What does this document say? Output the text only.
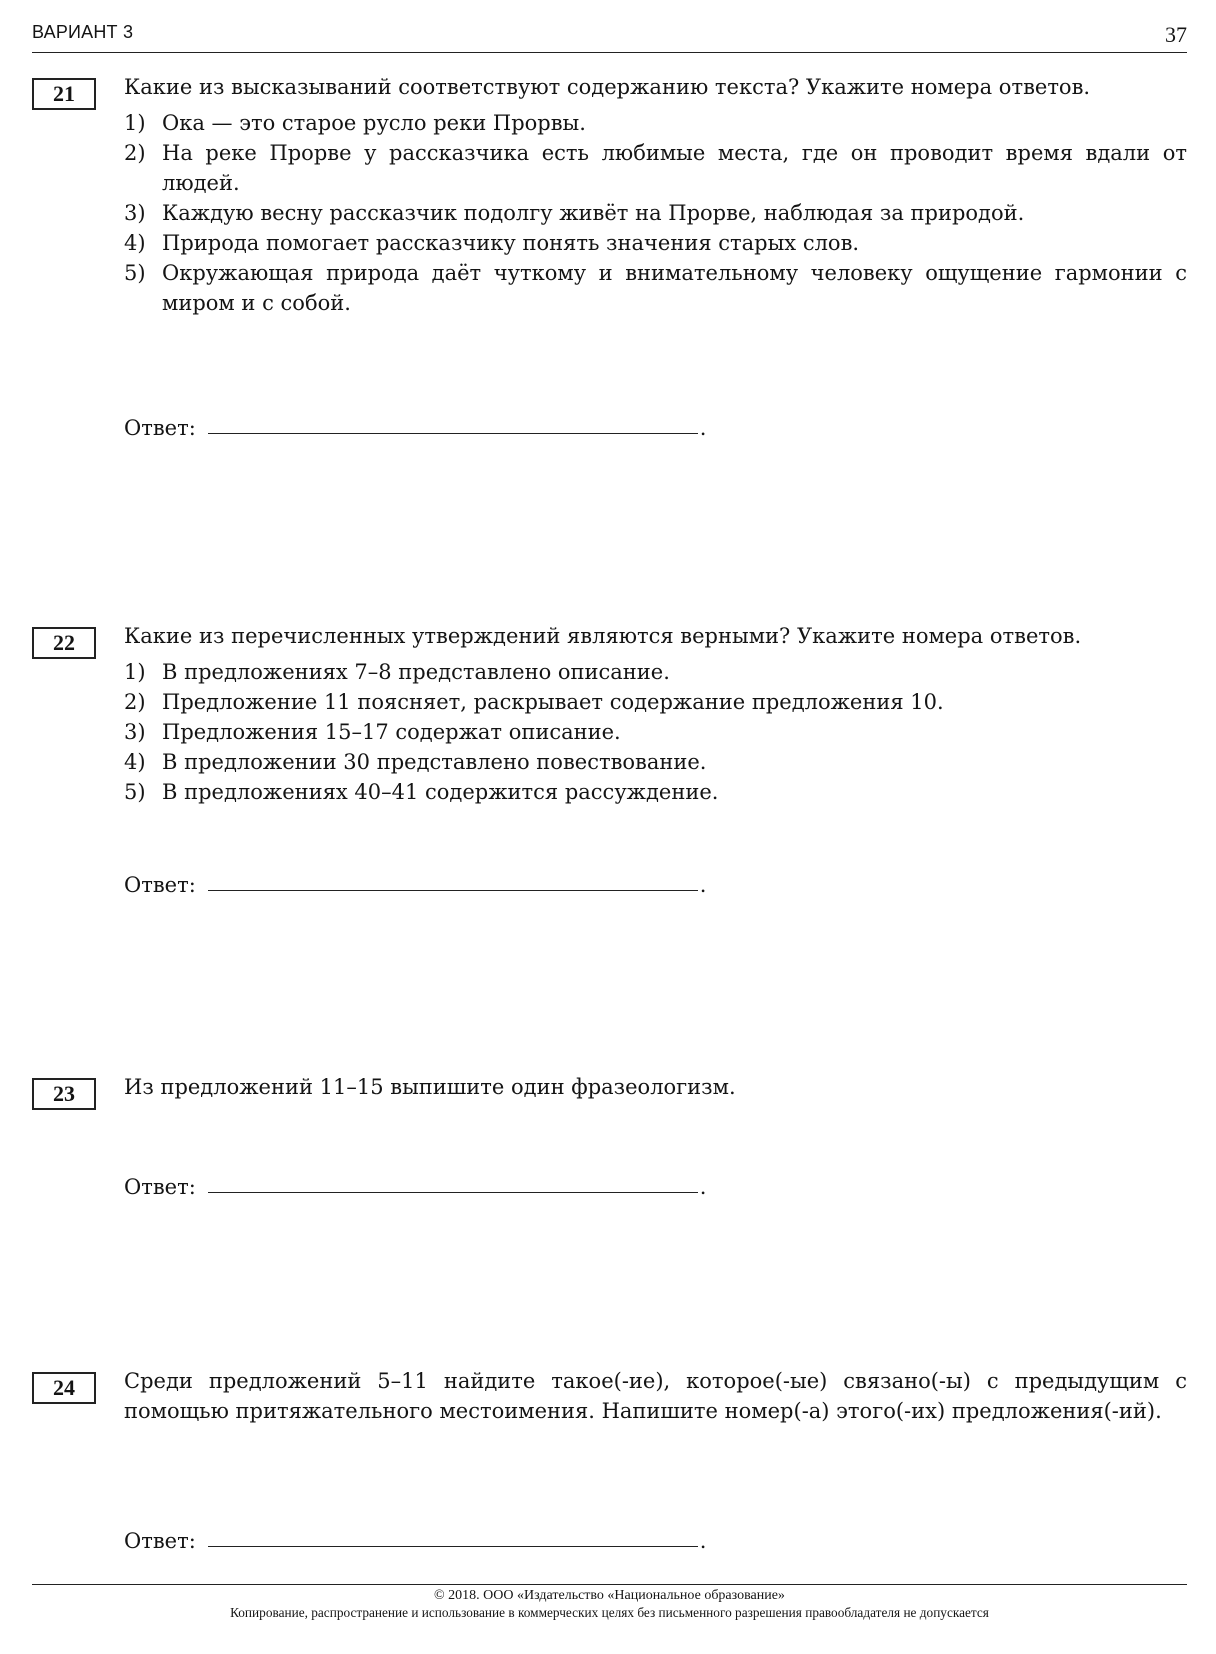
ВАРИАНТ 3	37
21	Какие из высказываний соответствуют содержанию текста? Укажите номера ответов.

1) Ока — это старое русло реки Прорвы.
2) На реке Прорве у рассказчика есть любимые места, где он проводит время вдали от людей.
3) Каждую весну рассказчик подолгу живёт на Прорве, наблюдая за природой.
4) Природа помогает рассказчику понять значения старых слов.
5) Окружающая природа даёт чуткому и внимательному человеку ощущение гармонии с миром и с собой.
Ответ:	.
22	Какие из перечисленных утверждений являются верными? Укажите номера ответов.

1) В предложениях 7–8 представлено описание.
2) Предложение 11 поясняет, раскрывает содержание предложения 10.
3) Предложения 15–17 содержат описание.
4) В предложении 30 представлено повествование.
5) В предложениях 40–41 содержится рассуждение.
Ответ:	.
23	Из предложений 11–15 выпишите один фразеологизм.

Ответ:	.
24	Среди предложений 5–11 найдите такое(-ие), которое(-ые) связано(-ы) с предыдущим с помощью притяжательного местоимения. Напишите номер(-а) этого(-их) предложения(-ий).

Ответ:	.
© 2018. ООО «Издательство «Национальное образование»
Копирование, распространение и использование в коммерческих целях без письменного разрешения правообладателя не допускается
